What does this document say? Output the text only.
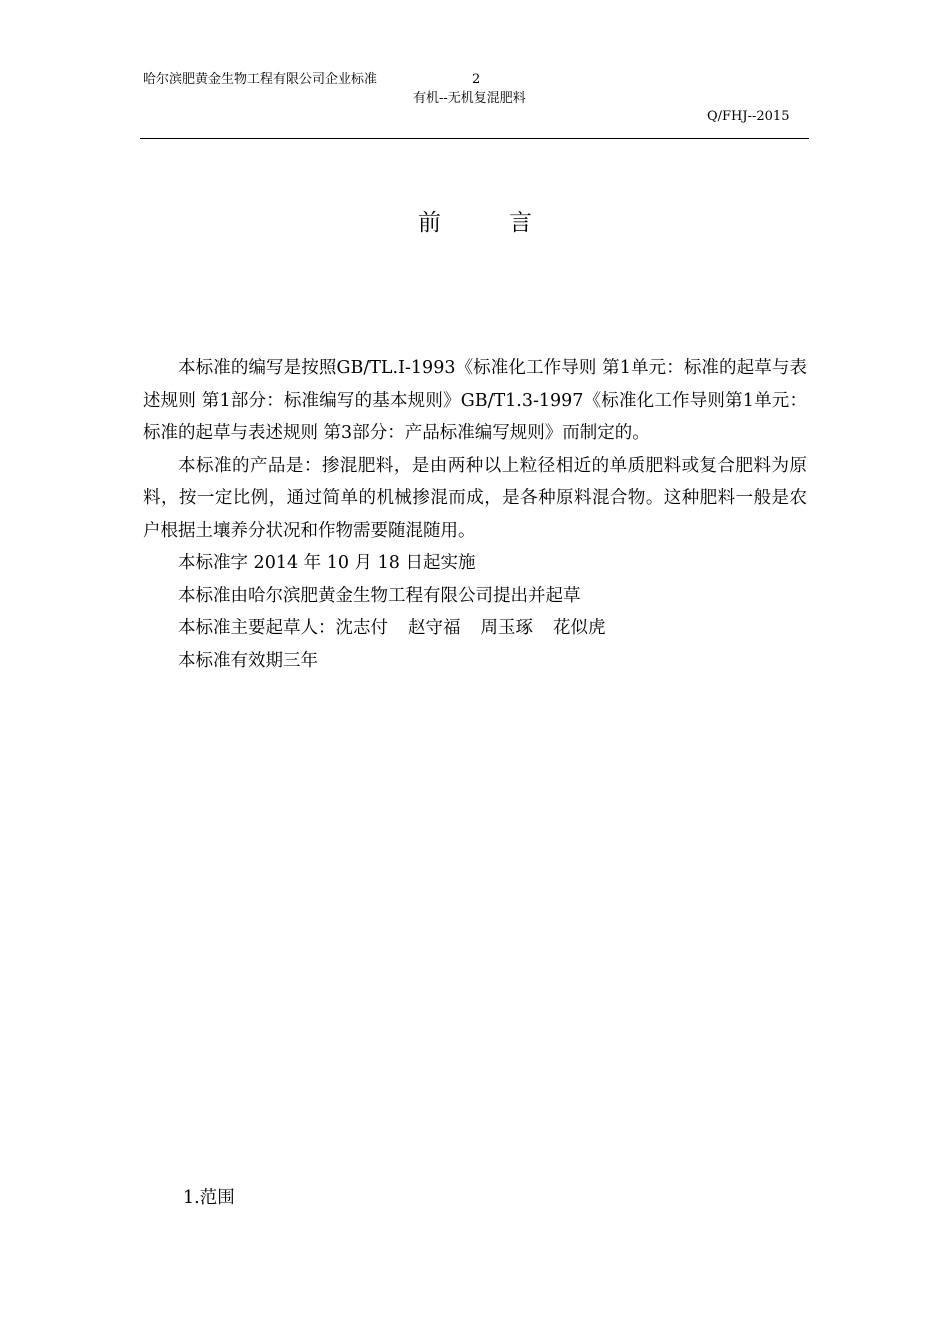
哈尔滨肥黄金生物工程有限公司企业标准	2
有机--无机复混肥料
Q/FHJ--2015
前言

本标准的编写是按照GB/TL.I-1993《标准化工作导则 第1单元：标准的起草与表述规则 第1部分：标准编写的基本规则》GB/T1.3-1997《标准化工作导则第1单元：标准的起草与表述规则 第3部分：产品标准编写规则》而制定的。

本标准的产品是：掺混肥料，是由两种以上粒径相近的单质肥料或复合肥料为原料，按一定比例，通过简单的机械掺混而成，是各种原料混合物。这种肥料一般是农户根据土壤养分状况和作物需要随混随用。

本标准字 2014 年 10 月 18 日起实施

本标准由哈尔滨肥黄金生物工程有限公司提出并起草

本标准主要起草人：沈志付 赵守福 周玉琢 花似虎

本标准有效期三年

1.范围
